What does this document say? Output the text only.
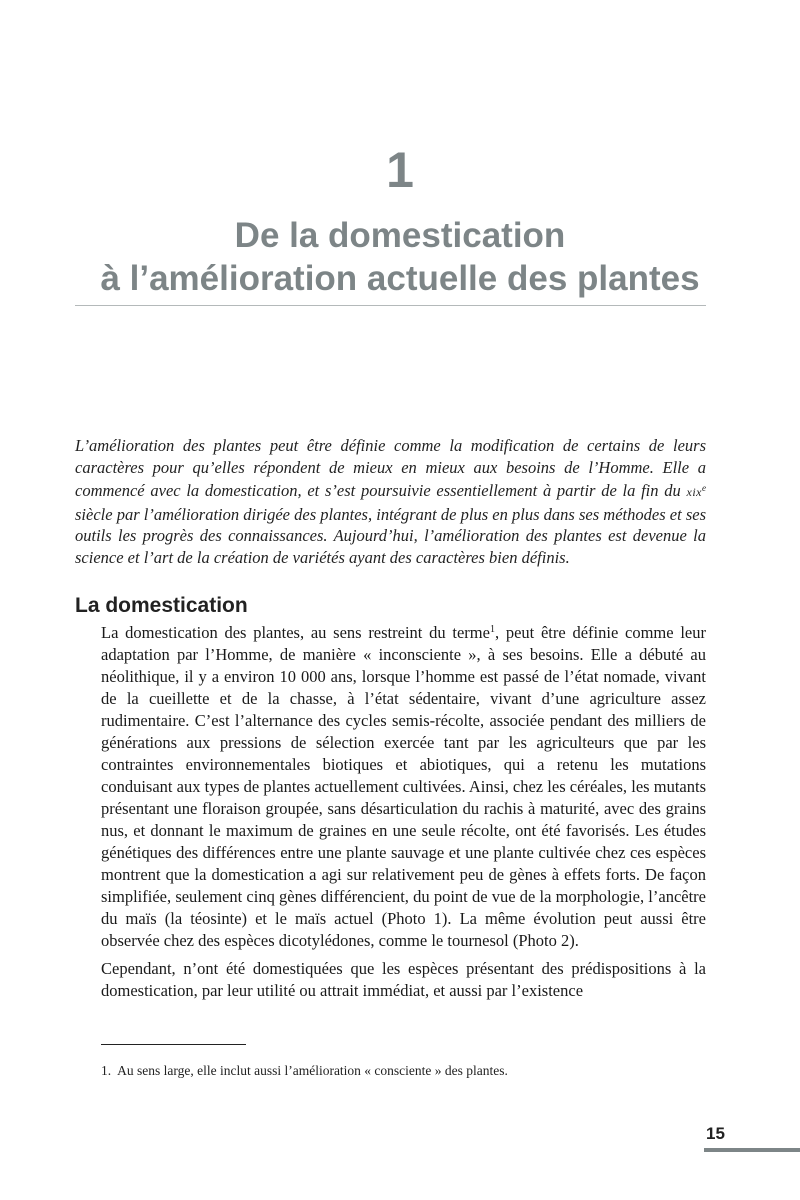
1
De la domestication
à l’amélioration actuelle des plantes
L’amélioration des plantes peut être définie comme la modification de certains de leurs caractères pour qu’elles répondent de mieux en mieux aux besoins de l’Homme. Elle a commencé avec la domestication, et s’est poursuivie essentiellement à partir de la fin du xix$^e$ siècle par l’amélioration dirigée des plantes, intégrant de plus en plus dans ses méthodes et ses outils les progrès des connaissances. Aujourd’hui, l’amélioration des plantes est devenue la science et l’art de la création de variétés ayant des caractères bien définis.
La domestication

La domestication des plantes, au sens restreint du terme$^1$, peut être définie comme leur adaptation par l’Homme, de manière « inconsciente », à ses besoins. Elle a débuté au néolithique, il y a environ 10 000 ans, lorsque l’homme est passé de l’état nomade, vivant de la cueillette et de la chasse, à l’état sédentaire, vivant d’une agriculture assez rudimentaire. C’est l’alternance des cycles semis-récolte, associée pendant des milliers de générations aux pressions de sélection exercée tant par les agriculteurs que par les contraintes environnementales biotiques et abiotiques, qui a retenu les mutations conduisant aux types de plantes actuellement cultivées. Ainsi, chez les céréales, les mutants présentant une floraison groupée, sans désarticulation du rachis à maturité, avec des grains nus, et donnant le maximum de graines en une seule récolte, ont été favorisés. Les études génétiques des différences entre une plante sauvage et une plante cultivée chez ces espèces montrent que la domestication a agi sur relativement peu de gènes à effets forts. De façon simplifiée, seulement cinq gènes différencient, du point de vue de la morphologie, l’ancêtre du maïs (la téosinte) et le maïs actuel (Photo 1). La même évolution peut aussi être observée chez des espèces dicotylédones, comme le tournesol (Photo 2).

Cependant, n’ont été domestiquées que les espèces présentant des prédispositions à la domestication, par leur utilité ou attrait immédiat, et aussi par l’existence

1. Au sens large, elle inclut aussi l’amélioration « consciente » des plantes.
15
